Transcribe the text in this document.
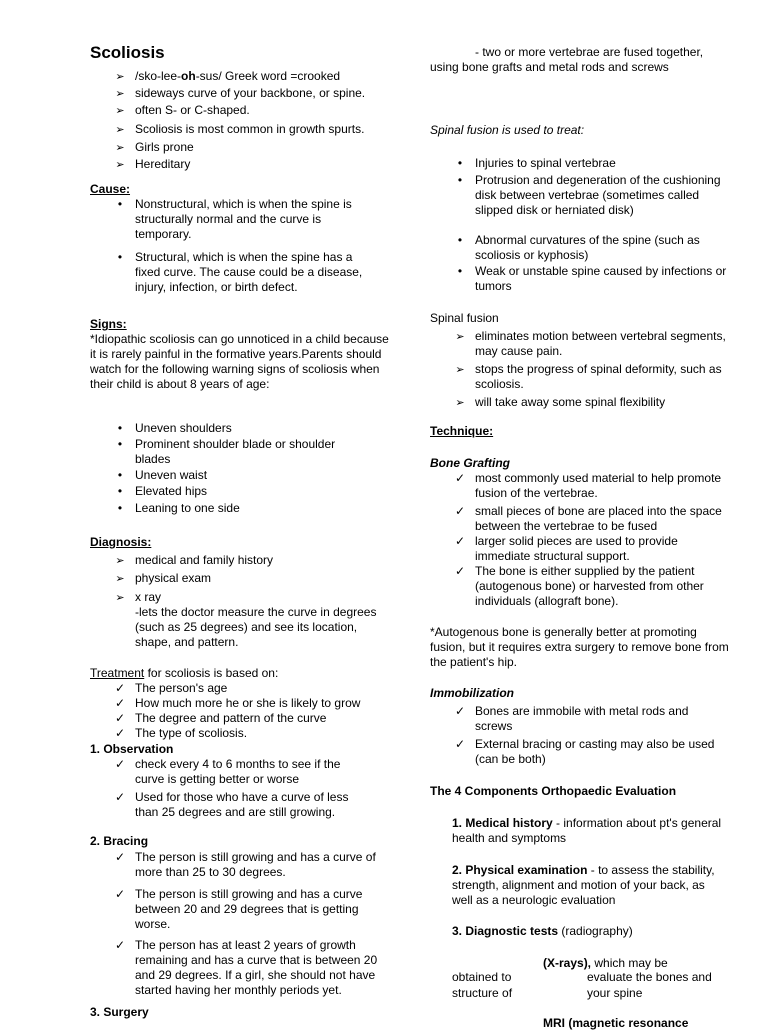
Scoliosis
➢
/sko-lee-oh-sus/ Greek word =crooked
➢
sideways curve of your backbone, or spine.
➢
often S- or C-shaped.
➢
Scoliosis is most common in growth spurts.
➢
Girls prone
➢
Hereditary
Cause:
•
Nonstructural, which is when the spine is structurally normal and the curve is temporary.
•
Structural, which is when the spine has a fixed curve. The cause could be a disease, injury, infection, or birth defect.
Signs:
*Idiopathic scoliosis can go unnoticed in a child because it is rarely painful in the formative years.Parents should watch for the following warning signs of scoliosis when their child is about 8 years of age:
•
Uneven shoulders
•
Prominent shoulder blade or shoulder blades
•
Uneven waist
•
Elevated hips
•
Leaning to one side
Diagnosis:
➢
medical and family history
➢
physical exam
➢
x ray
-lets the doctor measure the curve in degrees (such as 25 degrees) and see its location, shape, and pattern.
Treatment for scoliosis is based on:
✓
The person's age
✓
How much more he or she is likely to grow
✓
The degree and pattern of the curve
✓
The type of scoliosis.
1. Observation
✓
check every 4 to 6 months to see if the curve is getting better or worse
✓
Used for those who have a curve of less than 25 degrees and are still growing.
2. Bracing
✓
The person is still growing and has a curve of more than 25 to 30 degrees.
✓
The person is still growing and has a curve between 20 and 29 degrees that is getting worse.
✓
The person has at least 2 years of growth remaining and has a curve that is between 20 and 29 degrees. If a girl, she should not have started having her monthly periods yet.
3. Surgery
- two or more vertebrae are fused together, using bone grafts and metal rods and screws
Spinal fusion is used to treat:
•
Injuries to spinal vertebrae
•
Protrusion and degeneration of the cushioning disk between vertebrae (sometimes called slipped disk or herniated disk)
•
Abnormal curvatures of the spine (such as scoliosis or kyphosis)
•
Weak or unstable spine caused by infections or tumors
Spinal fusion
➢
eliminates motion between vertebral segments, may cause pain.
➢
stops the progress of spinal deformity, such as scoliosis.
➢
will take away some spinal flexibility
Technique:
Bone Grafting
✓
most commonly used material to help promote fusion of the vertebrae.
✓
small pieces of bone are placed into the space between the vertebrae to be fused
✓
larger solid pieces are used to provide immediate structural support.
✓
The bone is either supplied by the patient (autogenous bone) or harvested from other individuals (allograft bone).
*Autogenous bone is generally better at promoting fusion, but it requires extra surgery to remove bone from the patient's hip.
Immobilization
✓
Bones are immobile with metal rods and screws
✓
External bracing or casting may also be used (can be both)
The 4 Components Orthopaedic Evaluation
1. Medical history - information about pt's general health and symptoms
2. Physical examination - to assess the stability, strength, alignment and motion of your back, as well as a neurologic evaluation
3. Diagnostic tests (radiography)
(X-rays), which may be
obtained to	evaluate the bones and
structure of	your spine
MRI (magnetic resonance
